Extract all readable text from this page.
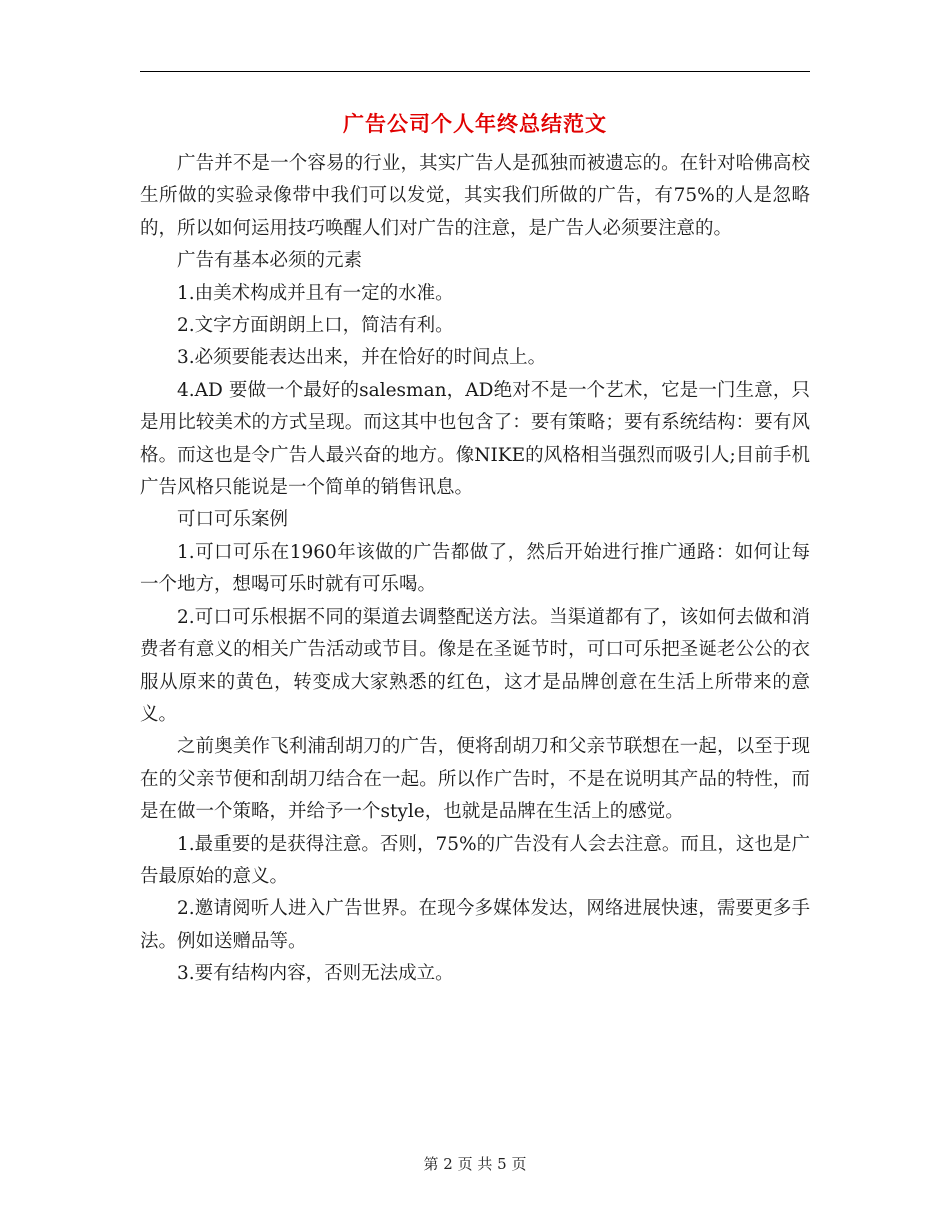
广告公司个人年终总结范文

广告并不是一个容易的行业，其实广告人是孤独而被遗忘的。在针对哈佛高校生所做的实验录像带中我们可以发觉，其实我们所做的广告，有75%的人是忽略的，所以如何运用技巧唤醒人们对广告的注意，是广告人必须要注意的。

广告有基本必须的元素

1.由美术构成并且有一定的水准。

2.文字方面朗朗上口，简洁有利。

3.必须要能表达出来，并在恰好的时间点上。

4.AD 要做一个最好的salesman，AD绝对不是一个艺术，它是一门生意，只是用比较美术的方式呈现。而这其中也包含了：要有策略；要有系统结构：要有风格。而这也是令广告人最兴奋的地方。像NIKE的风格相当强烈而吸引人;目前手机广告风格只能说是一个简单的销售讯息。

可口可乐案例

1.可口可乐在1960年该做的广告都做了，然后开始进行推广通路：如何让每一个地方，想喝可乐时就有可乐喝。

2.可口可乐根据不同的渠道去调整配送方法。当渠道都有了，该如何去做和消费者有意义的相关广告活动或节目。像是在圣诞节时，可口可乐把圣诞老公公的衣服从原来的黄色，转变成大家熟悉的红色，这才是品牌创意在生活上所带来的意义。

之前奥美作飞利浦刮胡刀的广告，便将刮胡刀和父亲节联想在一起，以至于现在的父亲节便和刮胡刀结合在一起。所以作广告时，不是在说明其产品的特性，而是在做一个策略，并给予一个style，也就是品牌在生活上的感觉。

1.最重要的是获得注意。否则，75%的广告没有人会去注意。而且，这也是广告最原始的意义。

2.邀请阅听人进入广告世界。在现今多媒体发达，网络进展快速，需要更多手法。例如送赠品等。

3.要有结构内容，否则无法成立。

第 2 页 共 5 页
